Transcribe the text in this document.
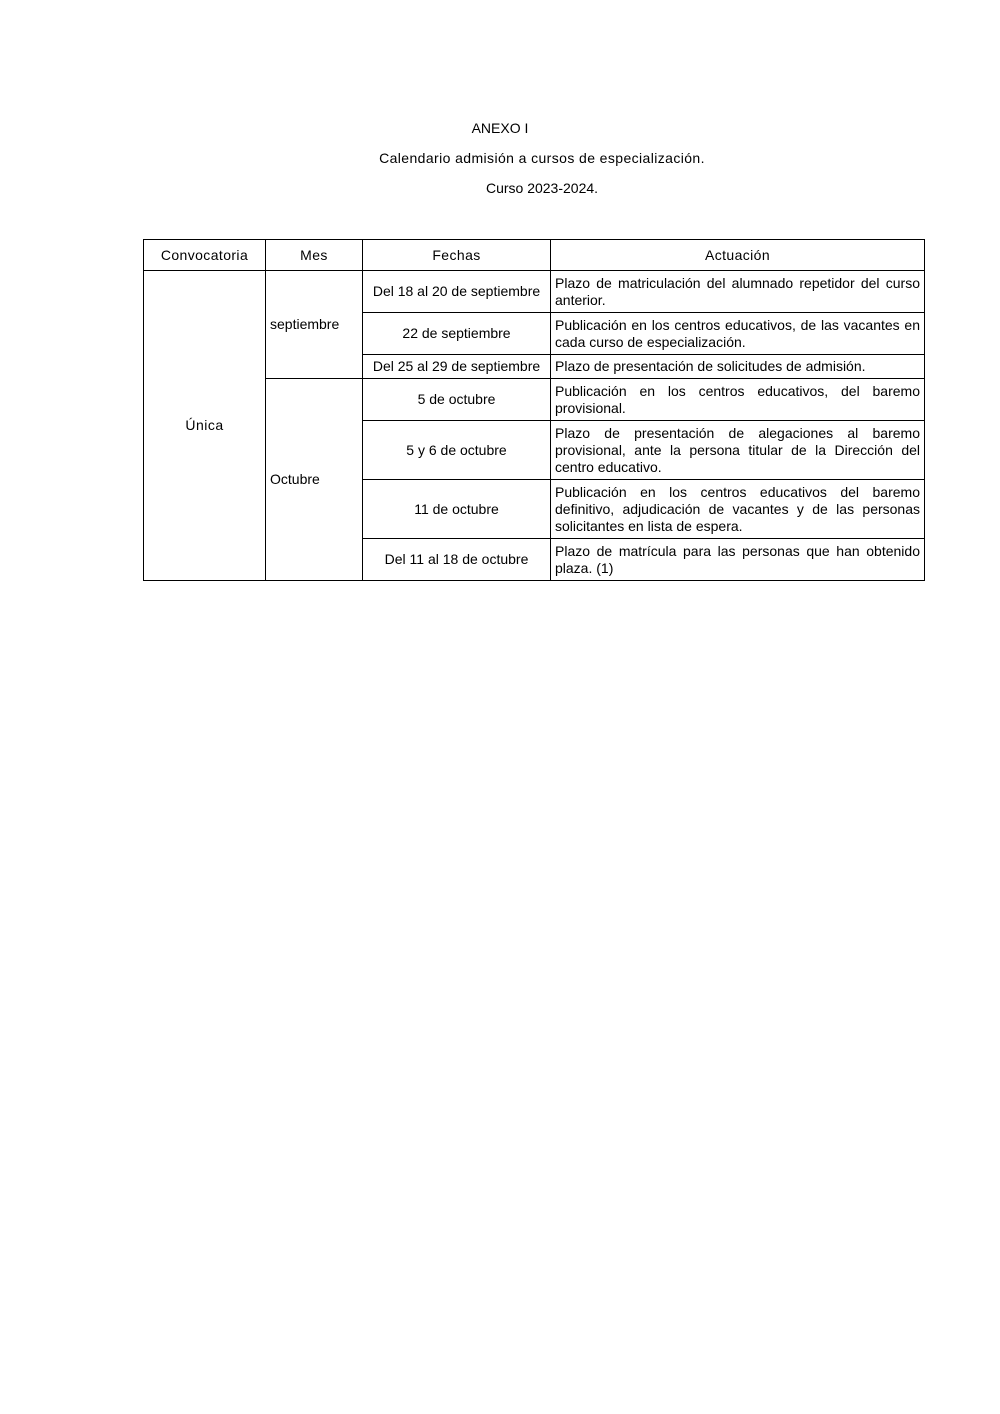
ANEXO I
Calendario admisión a cursos de especialización.
Curso 2023-2024.
Convocatoria	Mes	Fechas	Actuación
Única	septiembre	Del 18 al 20 de septiembre	Plazo de matriculación del alumnado repetidor del curso anterior.
		22 de septiembre	Publicación en los centros educativos, de las vacantes en cada curso de especialización.
		Del 25 al 29 de septiembre	Plazo de presentación de solicitudes de admisión.
	Octubre	5 de octubre	Publicación en los centros educativos, del baremo provisional.
		5 y 6 de octubre	Plazo de presentación de alegaciones al baremo provisional, ante la persona titular de la Dirección del centro educativo.
		11 de octubre	Publicación en los centros educativos del baremo definitivo, adjudicación de vacantes y de las personas solicitantes en lista de espera.
		Del 11 al 18 de octubre	Plazo de matrícula para las personas que han obtenido plaza. (1)
